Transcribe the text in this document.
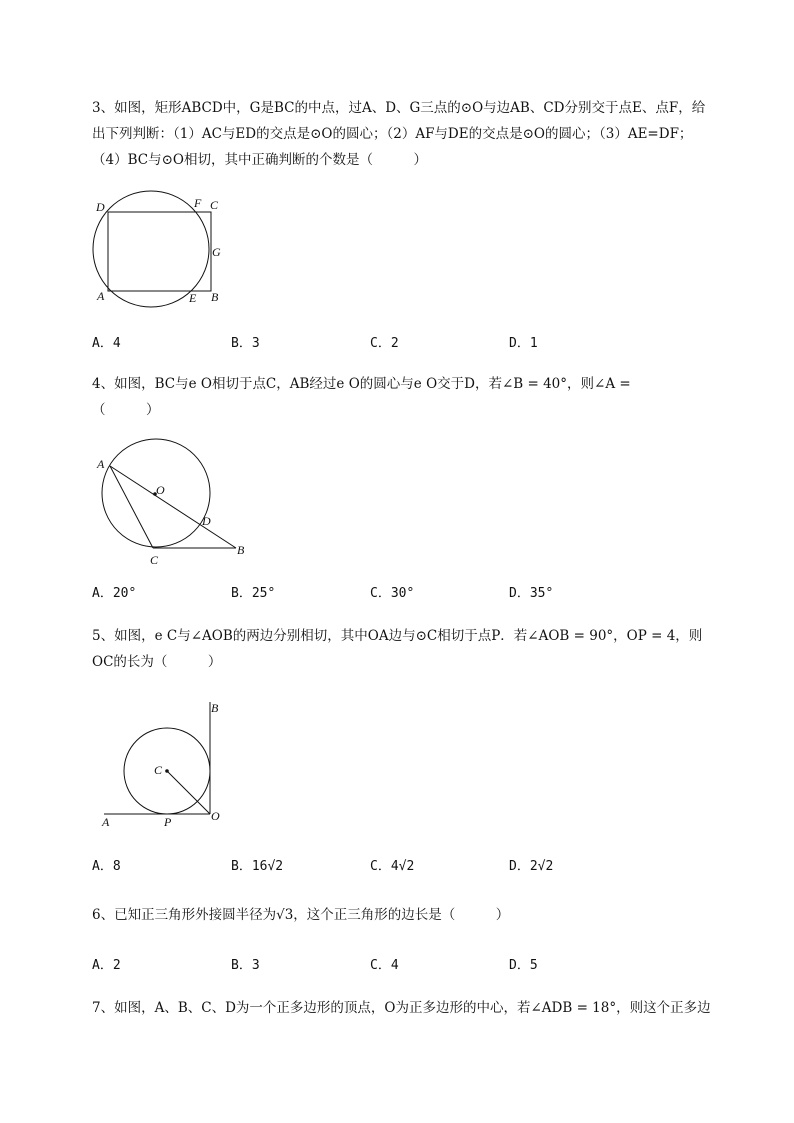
3、如图，矩形ABCD中，G是BC的中点，过A、D、G三点的⊙O与边AB、CD分别交于点E、点F，给
出下列判断：（1）AC与ED的交点是⊙O的圆心；（2）AF与DE的交点是⊙O的圆心；（3）AE=DF；
（4）BC与⊙O相切，其中正确判断的个数是（　　　）
D	F C
G
A	E B
A．4	B．3	C．2	D．1
4、如图，BC与e O相切于点C，AB经过e O的圆心与e O交于D，若∠B = 40°，则∠A =
（　　　）
A
O
D
C
B
A．20°	B．25°	C．30°	D．35°
5、如图，e C与∠AOB的两边分别相切，其中OA边与⊙C相切于点P．若∠AOB = 90°，OP = 4，则
OC的长为（　　　）
B
C
A	P	O
A．8	B．16√2	C．4√2	D．2√2
6、已知正三角形外接圆半径为√3，这个正三角形的边长是（　　　）
A．2	B．3	C．4	D．5
7、如图，A、B、C、D为一个正多边形的顶点，O为正多边形的中心，若∠ADB = 18°，则这个正多边
